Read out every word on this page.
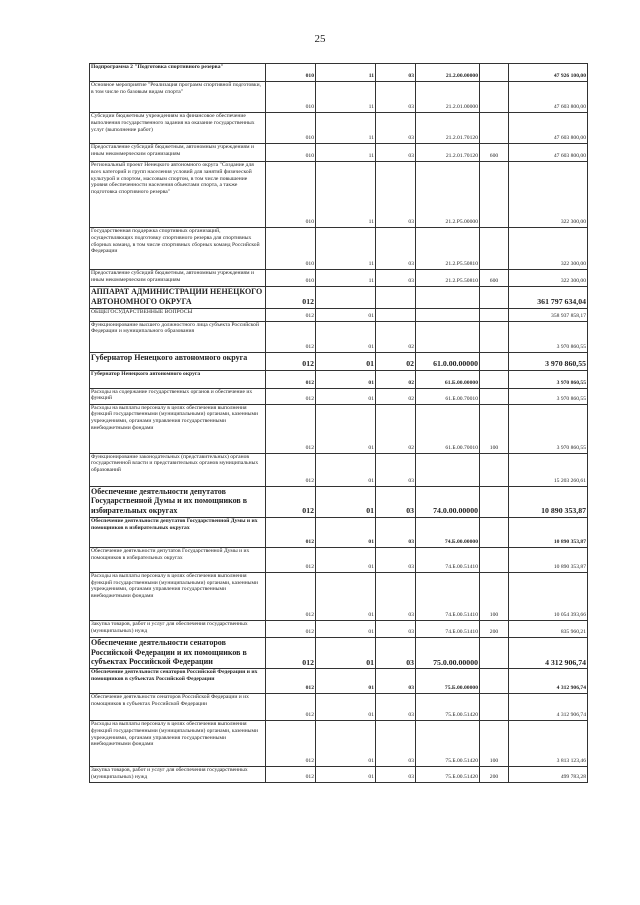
25
Подпрограмма 2 "Подготовка спортивного резерва"	010	11	03	21.2.00.00000		47 926 100,00
Основное мероприятие "Реализация программ спортивной подготовки, в том числе по базовым видам спорта"	010	11	03	21.2.01.00000		47 603 800,00
Субсидии бюджетным учреждениям на финансовое обеспечение выполнения государственного задания на оказание государственных услуг (выполнение работ)	010	11	03	21.2.01.70120		47 603 800,00
Предоставление субсидий бюджетным, автономным учреждениям и иным некоммерческим организациям	010	11	03	21.2.01.70120	600	47 603 800,00
Региональный проект Ненецкого автономного округа "Создание для всех категорий и групп населения условий для занятий физической культурой и спортом, массовым спортом, в том числе повышение уровня обеспеченности населения объектами спорта, а также подготовка спортивного резерва"	010	11	03	21.2.P5.00000		322 300,00
Государственная поддержка спортивных организаций, осуществляющих подготовку спортивного резерва для спортивных сборных команд, в том числе спортивных сборных команд Российской Федерации	010	11	03	21.2.P5.50810		322 300,00
Предоставление субсидий бюджетным, автономным учреждениям и иным некоммерческим организациям	010	11	03	21.2.P5.50810	600	322 300,00
АППАРАТ АДМИНИСТРАЦИИ НЕНЕЦКОГО АВТОНОМНОГО ОКРУГА	012					361 797 634,04
ОБЩЕГОСУДАРСТВЕННЫЕ ВОПРОСЫ	012	01				358 937 858,17
Функционирование высшего должностного лица субъекта Российской Федерации и муниципального образования	012	01	02			3 970 860,55
Губернатор Ненецкого автономного округа	012	01	02	61.0.00.00000		3 970 860,55
Губернатор Ненецкого автономного округа	012	01	02	61.Б.00.00000		3 970 860,55
Расходы на содержание государственных органов и обеспечение их функций	012	01	02	61.Б.00.70010		3 970 860,55
Расходы на выплаты персоналу в целях обеспечения выполнения функций государственными (муниципальными) органами, казенными учреждениями, органами управления государственными внебюджетными фондами	012	01	02	61.Б.00.70010	100	3 970 860,55
Функционирование законодательных (представительных) органов государственной власти и представительных органов муниципальных образований	012	01	03			15 203 260,61
Обеспечение деятельности депутатов Государственной Думы и их помощников в избирательных округах	012	01	03	74.0.00.00000		10 890 353,87
Обеспечение деятельности депутатов Государственной Думы и их помощников в избирательных округах	012	01	03	74.Б.00.00000		10 890 353,87
Обеспечение деятельности депутатов Государственной Думы и их помощников в избирательных округах	012	01	03	74.Б.00.51410		10 890 353,87
Расходы на выплаты персоналу в целях обеспечения выполнения функций государственными (муниципальными) органами, казенными учреждениями, органами управления государственными внебюджетными фондами	012	01	03	74.Б.00.51410	100	10 054 393,66
Закупка товаров, работ и услуг для обеспечения государственных (муниципальных) нужд	012	01	03	74.Б.00.51410	200	835 960,21
Обеспечение деятельности сенаторов Российской Федерации и их помощников в субъектах Российской Федерации	012	01	03	75.0.00.00000		4 312 906,74
Обеспечение деятельности сенаторов Российской Федерации и их помощников в субъектах Российской Федерации	012	01	03	75.Б.00.00000		4 312 906,74
Обеспечение деятельности сенаторов Российской Федерации и их помощников в субъектах Российской Федерации	012	01	03	75.Б.00.51420		4 312 906,74
Расходы на выплаты персоналу в целях обеспечения выполнения функций государственными (муниципальными) органами, казенными учреждениями, органами управления государственными внебюджетными фондами	012	01	03	75.Б.00.51420	100	3 813 123,46
Закупка товаров, работ и услуг для обеспечения государственных (муниципальных) нужд	012	01	03	75.Б.00.51420	200	499 783,28
